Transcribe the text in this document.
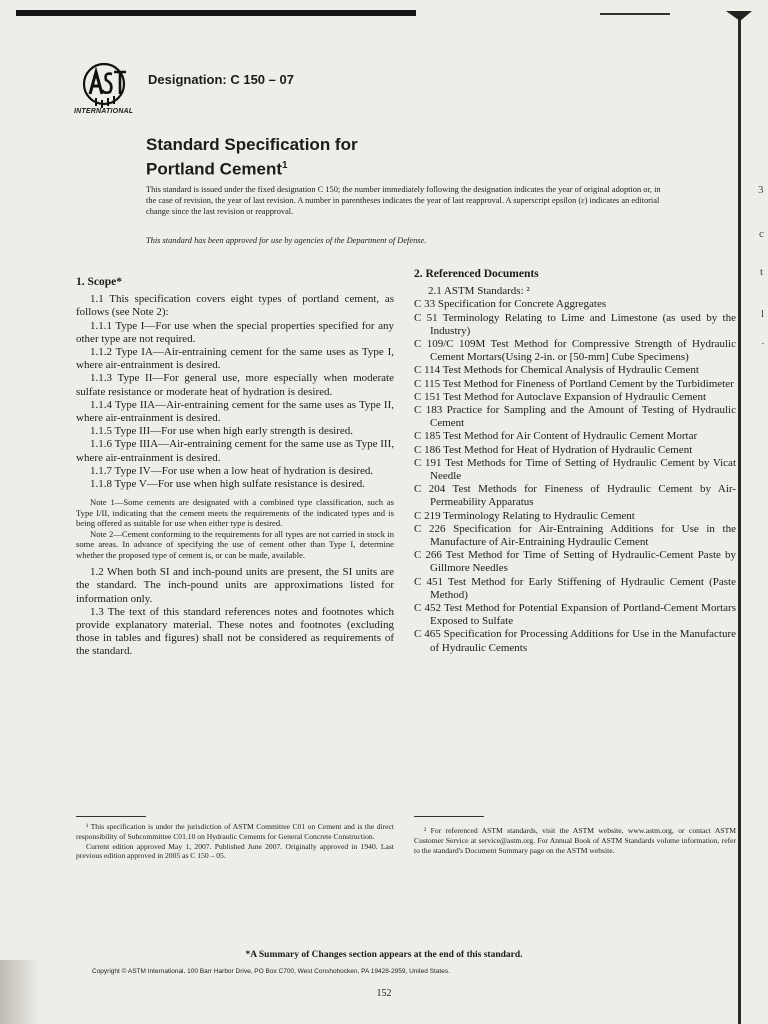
3
c
t
l
·
INTERNATIONAL
Designation: C 150 – 07
Standard Specification for
Portland Cement$^1$
This standard is issued under the fixed designation C 150; the number immediately following the designation indicates the year of original adoption or, in the case of revision, the year of last revision. A number in parentheses indicates the year of last reapproval. A superscript epsilon (ε) indicates an editorial change since the last revision or reapproval.
This standard has been approved for use by agencies of the Department of Defense.
1. Scope*

1.1 This specification covers eight types of portland cement, as follows (see Note 2):

1.1.1 Type I—For use when the special properties specified for any other type are not required.

1.1.2 Type IA—Air-entraining cement for the same uses as Type I, where air-entrainment is desired.

1.1.3 Type II—For general use, more especially when moderate sulfate resistance or moderate heat of hydration is desired.

1.1.4 Type IIA—Air-entraining cement for the same uses as Type II, where air-entrainment is desired.

1.1.5 Type III—For use when high early strength is desired.

1.1.6 Type IIIA—Air-entraining cement for the same use as Type III, where air-entrainment is desired.

1.1.7 Type IV—For use when a low heat of hydration is desired.

1.1.8 Type V—For use when high sulfate resistance is desired.

Note 1—Some cements are designated with a combined type classification, such as Type I/II, indicating that the cement meets the requirements of the indicated types and is being offered as suitable for use when either type is desired.

Note 2—Cement conforming to the requirements for all types are not carried in stock in some areas. In advance of specifying the use of cement other than Type I, determine whether the proposed type of cement is, or can be made, available.

1.2 When both SI and inch-pound units are present, the SI units are the standard. The inch-pound units are approximations listed for information only.

1.3 The text of this standard references notes and footnotes which provide explanatory material. These notes and footnotes (excluding those in tables and figures) shall not be considered as requirements of the standard.

2. Referenced Documents

2.1 ASTM Standards: ²

C 33 Specification for Concrete Aggregates

C 51 Terminology Relating to Lime and Limestone (as used by the Industry)

C 109/C 109M Test Method for Compressive Strength of Hydraulic Cement Mortars(Using 2-in. or [50-mm] Cube Specimens)

C 114 Test Methods for Chemical Analysis of Hydraulic Cement

C 115 Test Method for Fineness of Portland Cement by the Turbidimeter

C 151 Test Method for Autoclave Expansion of Hydraulic Cement

C 183 Practice for Sampling and the Amount of Testing of Hydraulic Cement

C 185 Test Method for Air Content of Hydraulic Cement Mortar

C 186 Test Method for Heat of Hydration of Hydraulic Cement

C 191 Test Methods for Time of Setting of Hydraulic Cement by Vicat Needle

C 204 Test Methods for Fineness of Hydraulic Cement by Air-Permeability Apparatus

C 219 Terminology Relating to Hydraulic Cement

C 226 Specification for Air-Entraining Additions for Use in the Manufacture of Air-Entraining Hydraulic Cement

C 266 Test Method for Time of Setting of Hydraulic-Cement Paste by Gillmore Needles

C 451 Test Method for Early Stiffening of Hydraulic Cement (Paste Method)

C 452 Test Method for Potential Expansion of Portland-Cement Mortars Exposed to Sulfate

C 465 Specification for Processing Additions for Use in the Manufacture of Hydraulic Cements

¹ This specification is under the jurisdiction of ASTM Committee C01 on Cement and is the direct responsibility of Subcommittee C01.10 on Hydraulic Cements for General Concrete Construction.

Current edition approved May 1, 2007. Published June 2007. Originally approved in 1940. Last previous edition approved in 2005 as C 150 – 05.

² For referenced ASTM standards, visit the ASTM website, www.astm.org, or contact ASTM Customer Service at service@astm.org. For Annual Book of ASTM Standards volume information, refer to the standard's Document Summary page on the ASTM website.

*A Summary of Changes section appears at the end of this standard.
Copyright © ASTM International, 100 Barr Harbor Drive, PO Box C700, West Conshohocken, PA 19428-2959, United States.
152
